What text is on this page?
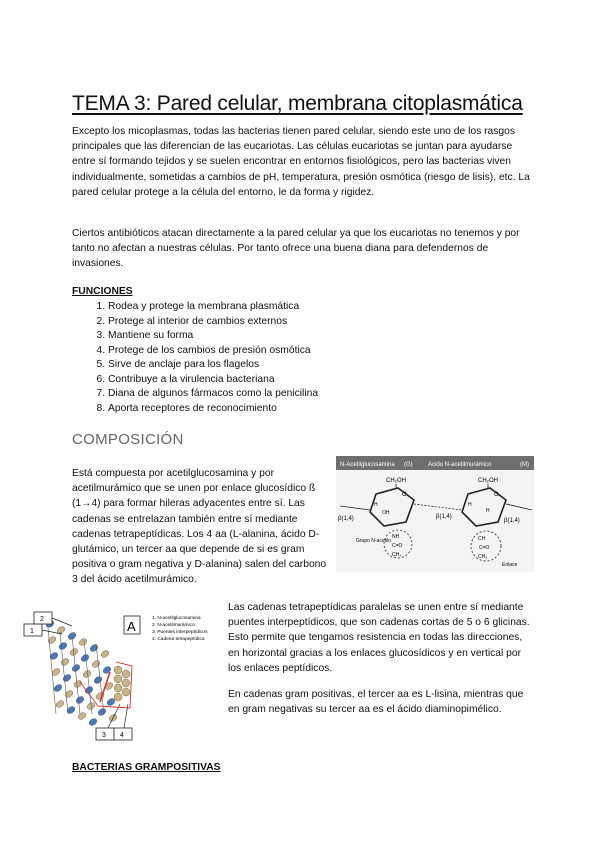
TEMA 3: Pared celular, membrana citoplasmática

Excepto los micoplasmas, todas las bacterias tienen pared celular, siendo este uno de los rasgos principales que las diferencian de las eucariotas. Las células eucariotas se juntan para ayudarse entre sí formando tejidos y se suelen encontrar en entornos fisiológicos, pero las bacterias viven individualmente, sometidas a cambios de pH, temperatura, presión osmótica (riesgo de lisis), etc. La pared celular protege a la célula del entorno, le da forma y rigidez.

Ciertos antibióticos atacan directamente a la pared celular ya que los eucariotas no tenemos y por tanto no afectan a nuestras células. Por tanto ofrece una buena diana para defendernos de invasiones.

FUNCIONES
1. Rodea y protege la membrana plasmática
2. Protege al interior de cambios externos
3. Mantiene su forma
4. Protege de los cambios de presión osmótica
5. Sirve de anclaje para los flagelos
6. Contribuye a la virulencia bacteriana
7. Diana de algunos fármacos como la penicilina
8. Aporta receptores de reconocimiento
COMPOSICIÓN

Está compuesta por acetilglucosamina y por acetilmurámico que se unen por enlace glucosídico ß (1→4) para formar hileras adyacentes entre sí. Las cadenas se entrelazan también entre sí mediante cadenas tetrapeptídicas. Los 4 aa (L-alanina, ácido D-glutámico, un tercer aa que depende de si es gram positiva o gram negativa y D-alanina) salen del carbono 3 del ácido acetilmurámico.

N-Acetilglucosamina (G)	Acido N-acetilmurámico	(M)
CH₂OH	CH₂OH
O	O
H
OH
H
H
β(1,4)	β(1,4)
β(1,4)
NH
C=O
CH₃
Grupo N-acetilo	CH
C=O
CH₃
Enlace
1
2
3 4
A
1. N-acetilglucosamina
2. N-acetilmurámico
3. Puentes interpeptídicos
4. Cadena tetrapeptídica

Las cadenas tetrapeptídicas paralelas se unen entre sí mediante puentes interpeptídicos, que son cadenas cortas de 5 o 6 glicinas. Esto permite que tengamos resistencia en todas las direcciones, en horizontal gracias a los enlaces glucosídicos y en vertical por los enlaces peptídicos.

En cadenas gram positivas, el tercer aa es L-lisina, mientras que en gram negativas su tercer aa es el ácido diaminopimélico.

BACTERIAS GRAMPOSITIVAS
